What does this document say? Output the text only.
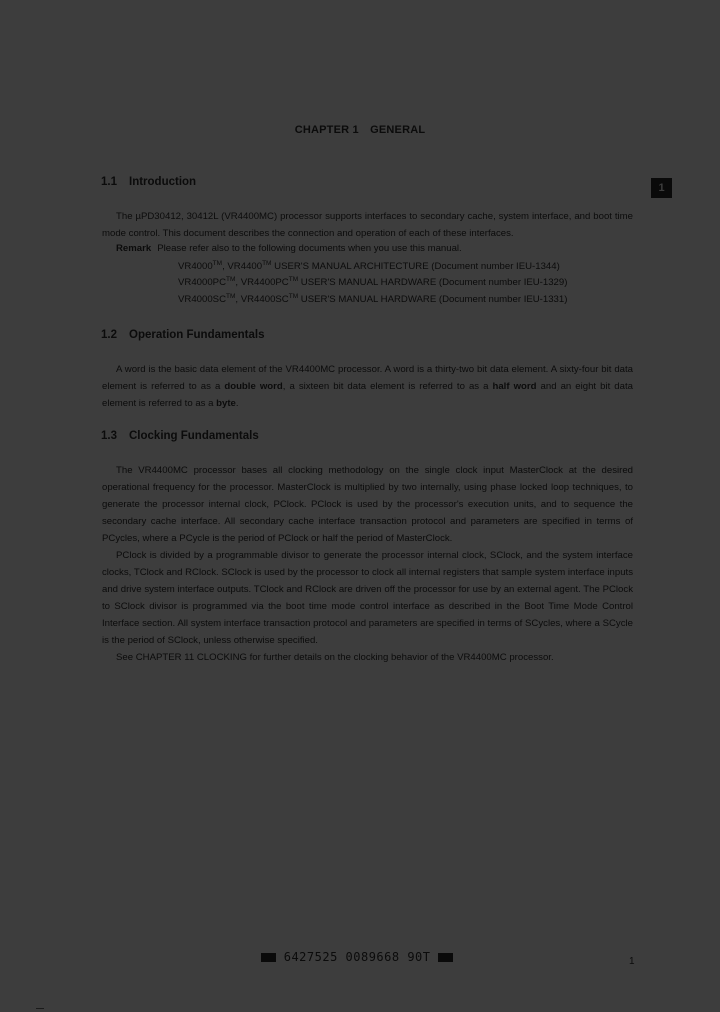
CHAPTER 1 GENERAL
1
1.1 Introduction

The µPD30412, 30412L (VR4400MC) processor supports interfaces to secondary cache, system interface, and boot time mode control. This document describes the connection and operation of each of these interfaces.

Remark Please refer also to the following documents when you use this manual.
VR4000™, VR4400™ USER'S MANUAL ARCHITECTURE (Document number IEU-1344)
VR4000PC™, VR4400PC™ USER'S MANUAL HARDWARE (Document number IEU-1329)
VR4000SC™, VR4400SC™ USER'S MANUAL HARDWARE (Document number IEU-1331)
1.2 Operation Fundamentals

A word is the basic data element of the VR4400MC processor. A word is a thirty-two bit data element. A sixty-four bit data element is referred to as a double word, a sixteen bit data element is referred to as a half word and an eight bit data element is referred to as a byte.

1.3 Clocking Fundamentals

The VR4400MC processor bases all clocking methodology on the single clock input MasterClock at the desired operational frequency for the processor. MasterClock is multiplied by two internally, using phase locked loop techniques, to generate the processor internal clock, PClock. PClock is used by the processor's execution units, and to sequence the secondary cache interface. All secondary cache interface transaction protocol and parameters are specified in terms of PCycles, where a PCycle is the period of PClock or half the period of MasterClock.

PClock is divided by a programmable divisor to generate the processor internal clock, SClock, and the system interface clocks, TClock and RClock. SClock is used by the processor to clock all internal registers that sample system interface inputs and drive system interface outputs. TClock and RClock are driven off the processor for use by an external agent. The PClock to SClock divisor is programmed via the boot time mode control interface as described in the Boot Time Mode Control Interface section. All system interface transaction protocol and parameters are specified in terms of SCycles, where a SCycle is the period of SClock, unless otherwise specified.

See CHAPTER 11 CLOCKING for further details on the clocking behavior of the VR4400MC processor.

6427525 0089668 90T	1
